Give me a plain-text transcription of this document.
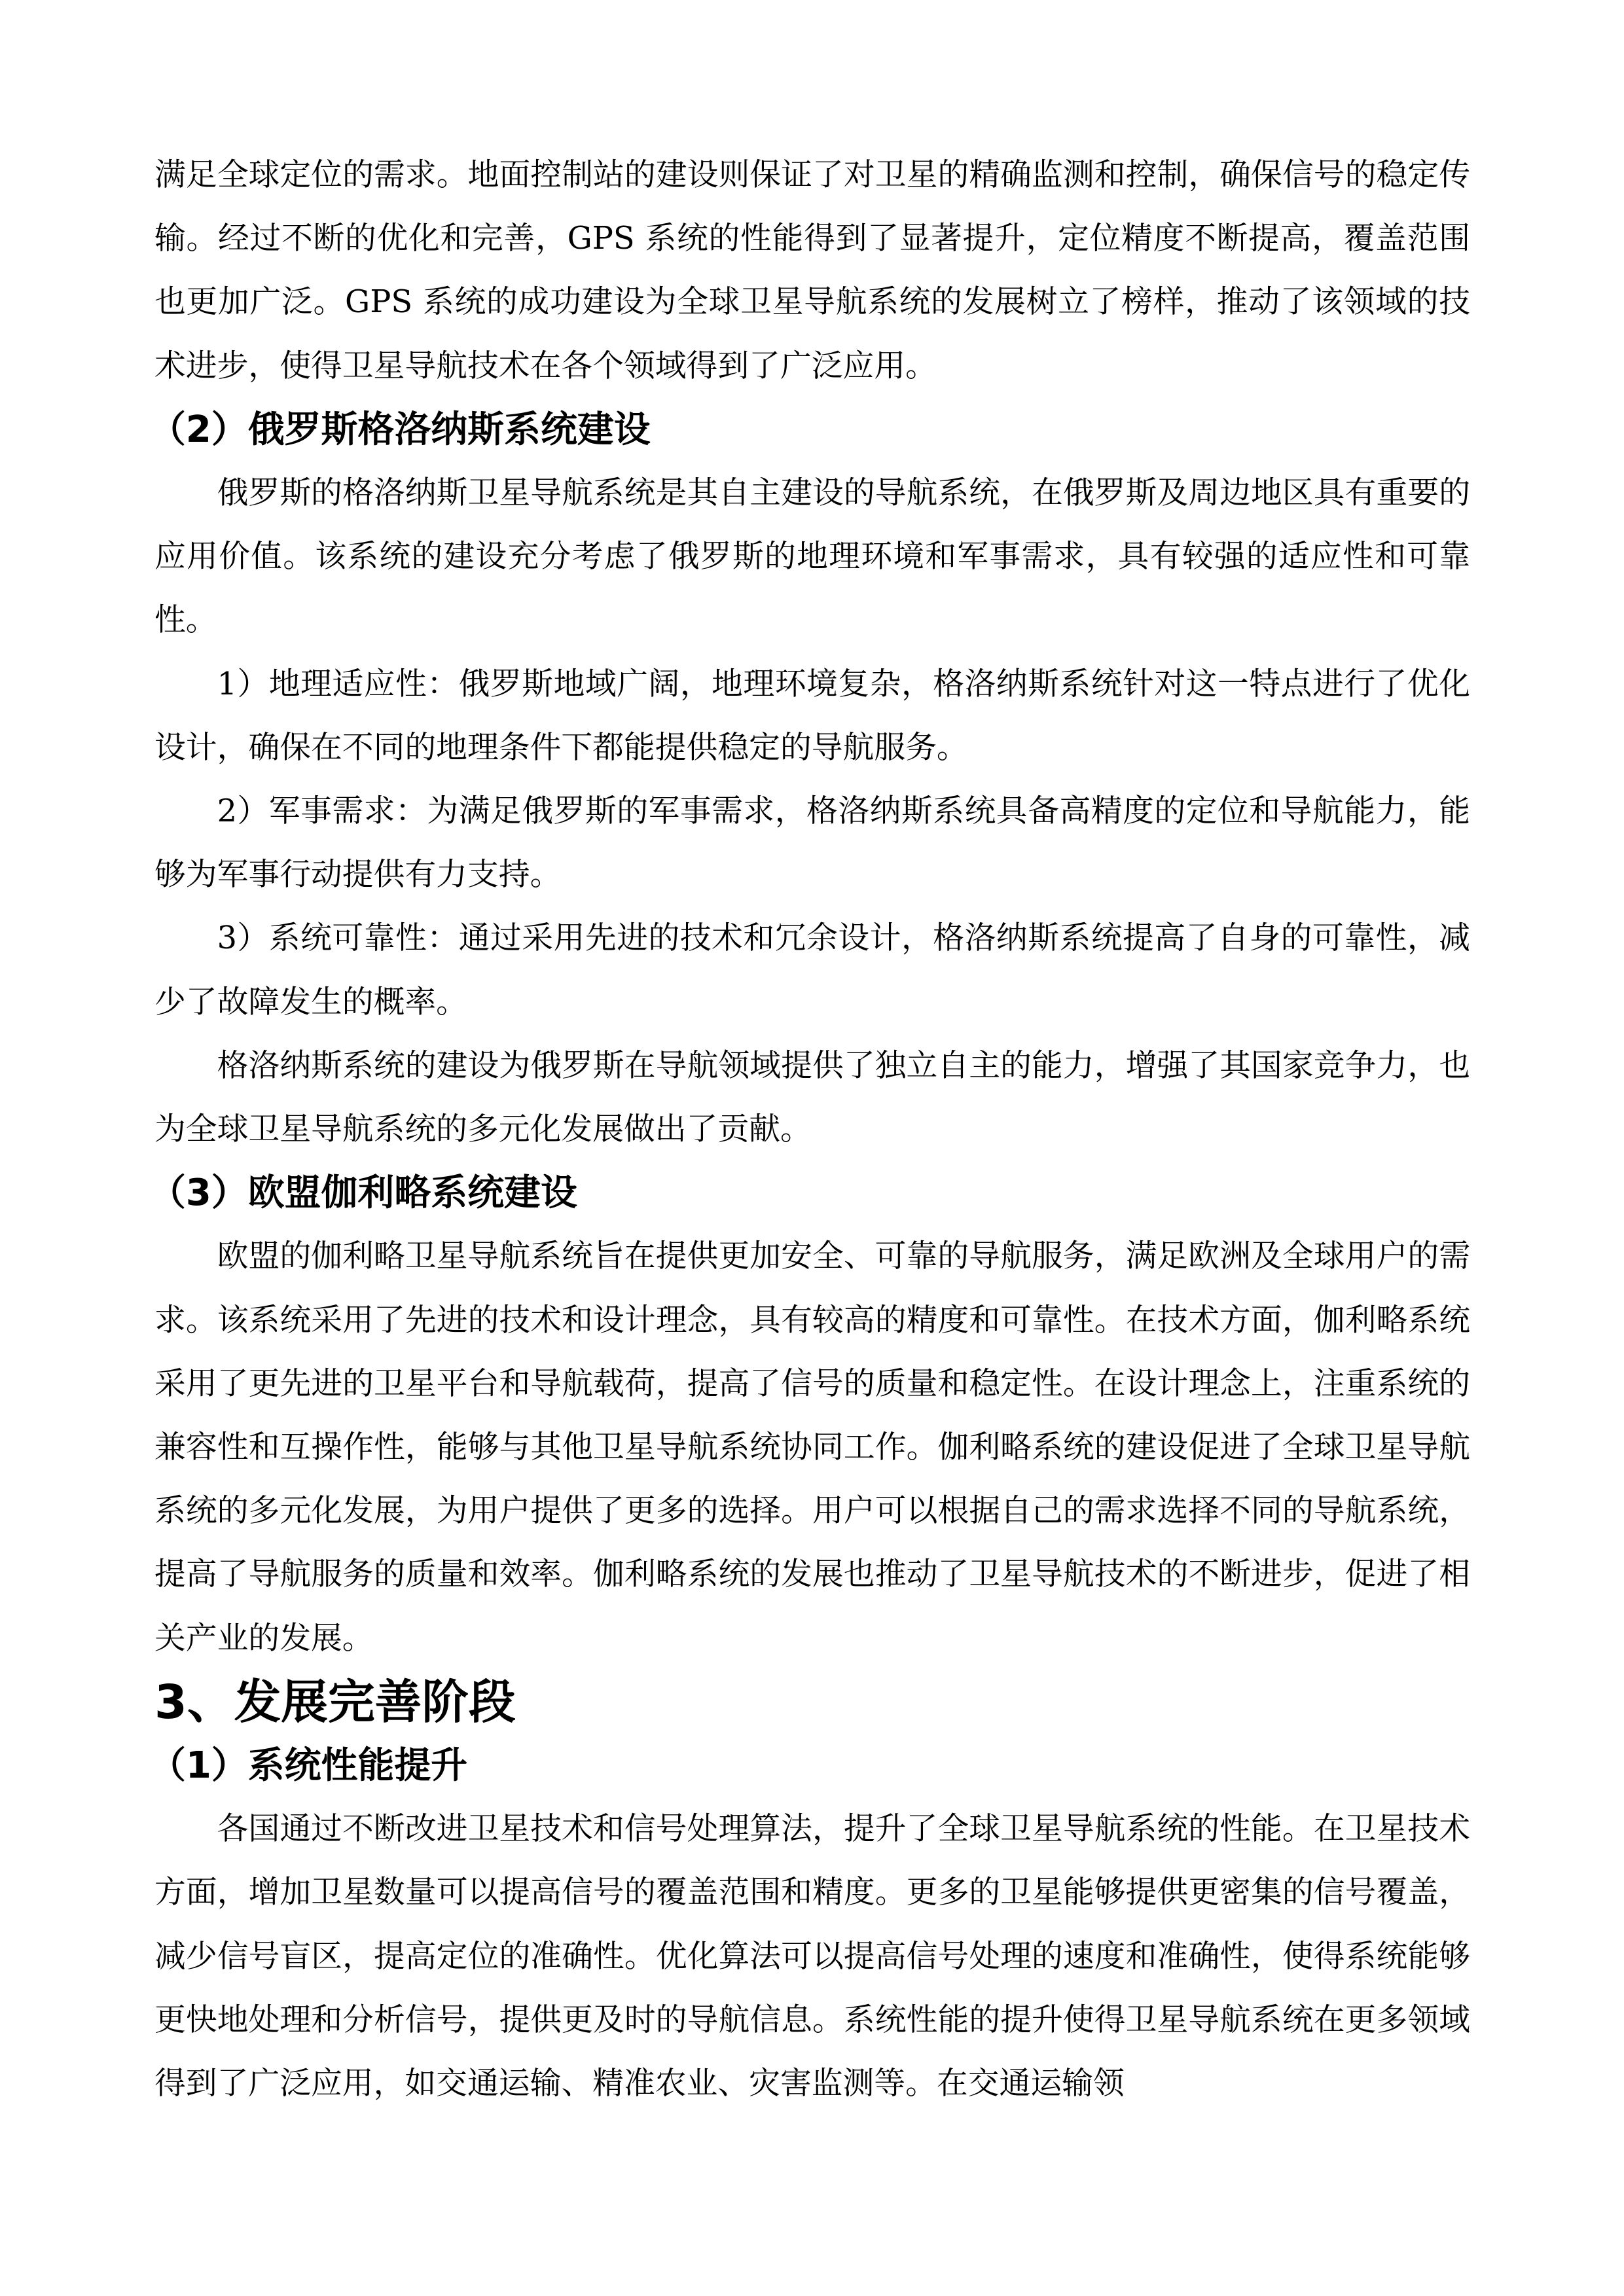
满足全球定位的需求。地面控制站的建设则保证了对卫星的精确监测和控制，确保信号的稳定传输。经过不断的优化和完善，GPS 系统的性能得到了显著提升，定位精度不断提高，覆盖范围也更加广泛。GPS 系统的成功建设为全球卫星导航系统的发展树立了榜样，推动了该领域的技术进步，使得卫星导航技术在各个领域得到了广泛应用。

（2）俄罗斯格洛纳斯系统建设

俄罗斯的格洛纳斯卫星导航系统是其自主建设的导航系统，在俄罗斯及周边地区具有重要的应用价值。该系统的建设充分考虑了俄罗斯的地理环境和军事需求，具有较强的适应性和可靠性。

1）地理适应性：俄罗斯地域广阔，地理环境复杂，格洛纳斯系统针对这一特点进行了优化设计，确保在不同的地理条件下都能提供稳定的导航服务。

2）军事需求：为满足俄罗斯的军事需求，格洛纳斯系统具备高精度的定位和导航能力，能够为军事行动提供有力支持。

3）系统可靠性：通过采用先进的技术和冗余设计，格洛纳斯系统提高了自身的可靠性，减少了故障发生的概率。

格洛纳斯系统的建设为俄罗斯在导航领域提供了独立自主的能力，增强了其国家竞争力，也为全球卫星导航系统的多元化发展做出了贡献。

（3）欧盟伽利略系统建设

欧盟的伽利略卫星导航系统旨在提供更加安全、可靠的导航服务，满足欧洲及全球用户的需求。该系统采用了先进的技术和设计理念，具有较高的精度和可靠性。在技术方面，伽利略系统采用了更先进的卫星平台和导航载荷，提高了信号的质量和稳定性。在设计理念上，注重系统的兼容性和互操作性，能够与其他卫星导航系统协同工作。伽利略系统的建设促进了全球卫星导航系统的多元化发展，为用户提供了更多的选择。用户可以根据自己的需求选择不同的导航系统，提高了导航服务的质量和效率。伽利略系统的发展也推动了卫星导航技术的不断进步，促进了相关产业的发展。

3、发展完善阶段
（1）系统性能提升

各国通过不断改进卫星技术和信号处理算法，提升了全球卫星导航系统的性能。在卫星技术方面，增加卫星数量可以提高信号的覆盖范围和精度。更多的卫星能够提供更密集的信号覆盖，减少信号盲区，提高定位的准确性。优化算法可以提高信号处理的速度和准确性，使得系统能够更快地处理和分析信号，提供更及时的导航信息。系统性能的提升使得卫星导航系统在更多领域得到了广泛应用，如交通运输、精准农业、灾害监测等。在交通运输领
